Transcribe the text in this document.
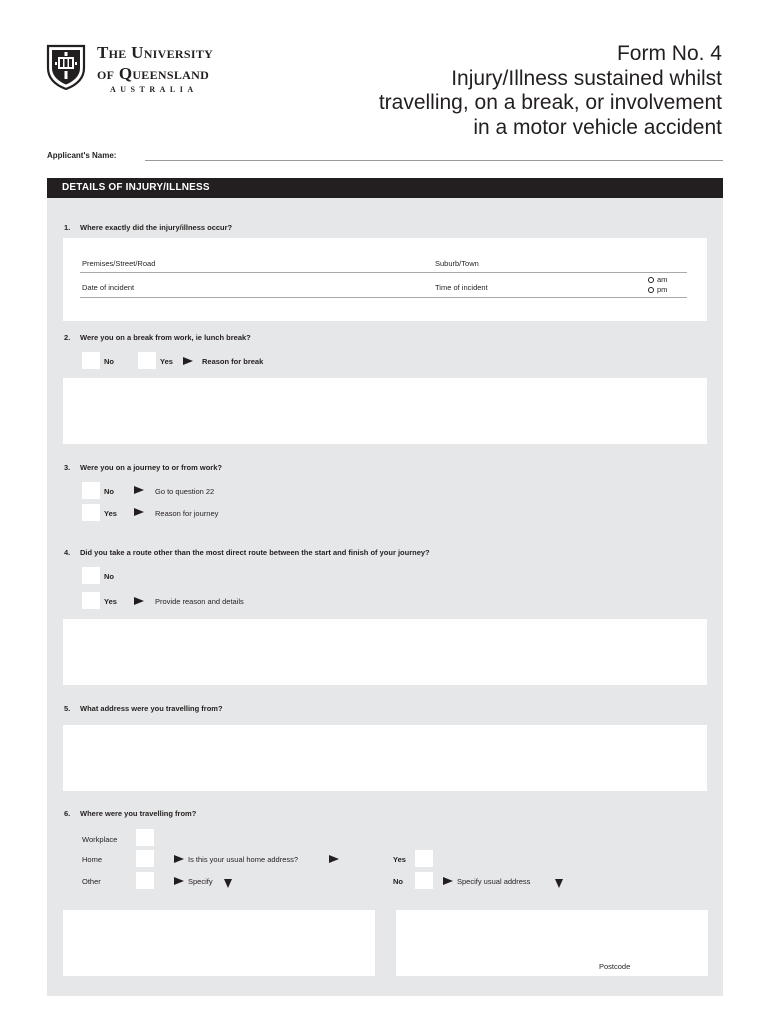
The University
of Queensland
AUSTRALIA
Form No. 4
Injury/Illness sustained whilst
travelling, on a break, or involvement
in a motor vehicle accident
Applicant's Name:
DETAILS OF INJURY/ILLNESS
1. Where exactly did the injury/illness occur?
Premises/Street/Road	Suburb/Town
Date of incident	Time of incident
am
pm
2. Were you on a break from work, ie lunch break?
No	Yes	Reason for break
3. Were you on a journey to or from work?
No	Go to question 22
Yes	Reason for journey
4. Did you take a route other than the most direct route between the start and finish of your journey?
No
Yes	Provide reason and details
5. What address were you travelling from?
6. Where were you travelling from?
Workplace
Home	Is this your usual home address?	Yes
Other	Specify	No	Specify usual address
Postcode
